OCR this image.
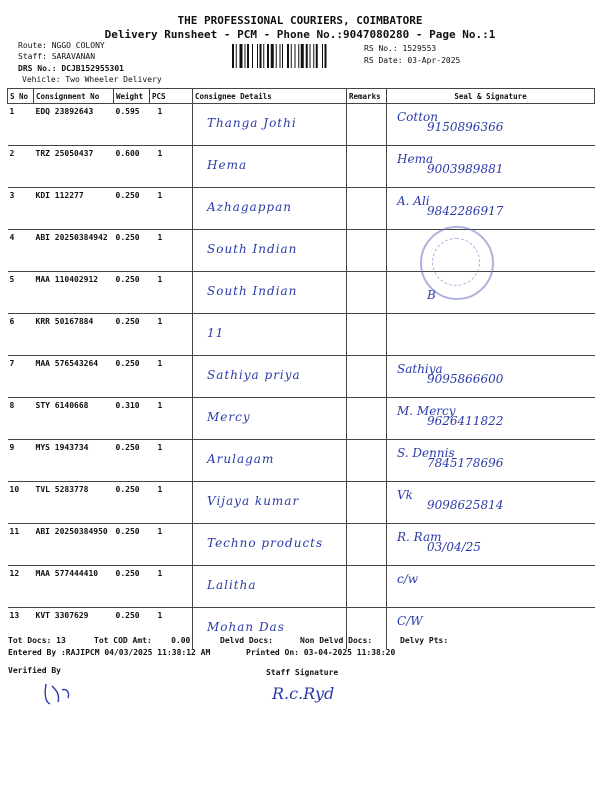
THE PROFESSIONAL COURIERS, COIMBATORE
Delivery Runsheet - PCM - Phone No.:9047080280 - Page No.:1
Route: NGGO COLONY
Staff: SARAVANAN
DRS No.: DCJB152955301
Vehicle: Two Wheeler Delivery
RS No.: 1529553
RS Date: 03-Apr-2025
S No	Consignment No	Weight	PCS	Consignee Details	Remarks	Seal & Signature
1	EDQ 23892643	0.595	1	Thanga Jothi		Cotton
9150896366

2	TRZ 25050437	0.600	1	Hema		Hema
9003989881

3	KDI 112277	0.250	1	Azhagappan		A. Ali
9842286917

4	ABI 20250384942	0.250	1	South Indian		

5	MAA 110402912	0.250	1	South Indian		B

6	KRR 50167884	0.250	1	11		

7	MAA 576543264	0.250	1	Sathiya priya		Sathiya
9095866600

8	STY 6140668	0.310	1	Mercy		M. Mercy
9626411822

9	MYS 1943734	0.250	1	Arulagam		S. Dennis
7845178696

10	TVL 5283778	0.250	1	Vijaya kumar		Vk
9098625814

11	ABI 20250384950	0.250	1	Techno products		R. Ram
03/04/25

12	MAA 577444410	0.250	1	Lalitha		c/w

13	KVT 3307629	0.250	1	Mohan Das		C/W
Tot Docs: 13	Tot COD Amt:    0.00	Delvd Docs:	Non Delvd Docs:	Delvy Pts:
Entered By :RAJIPCM 04/03/2025 11:38:12 AM	Printed On: 03-04-2025 11:38:20
Verified By	Staff Signature
R.c.Ryd
